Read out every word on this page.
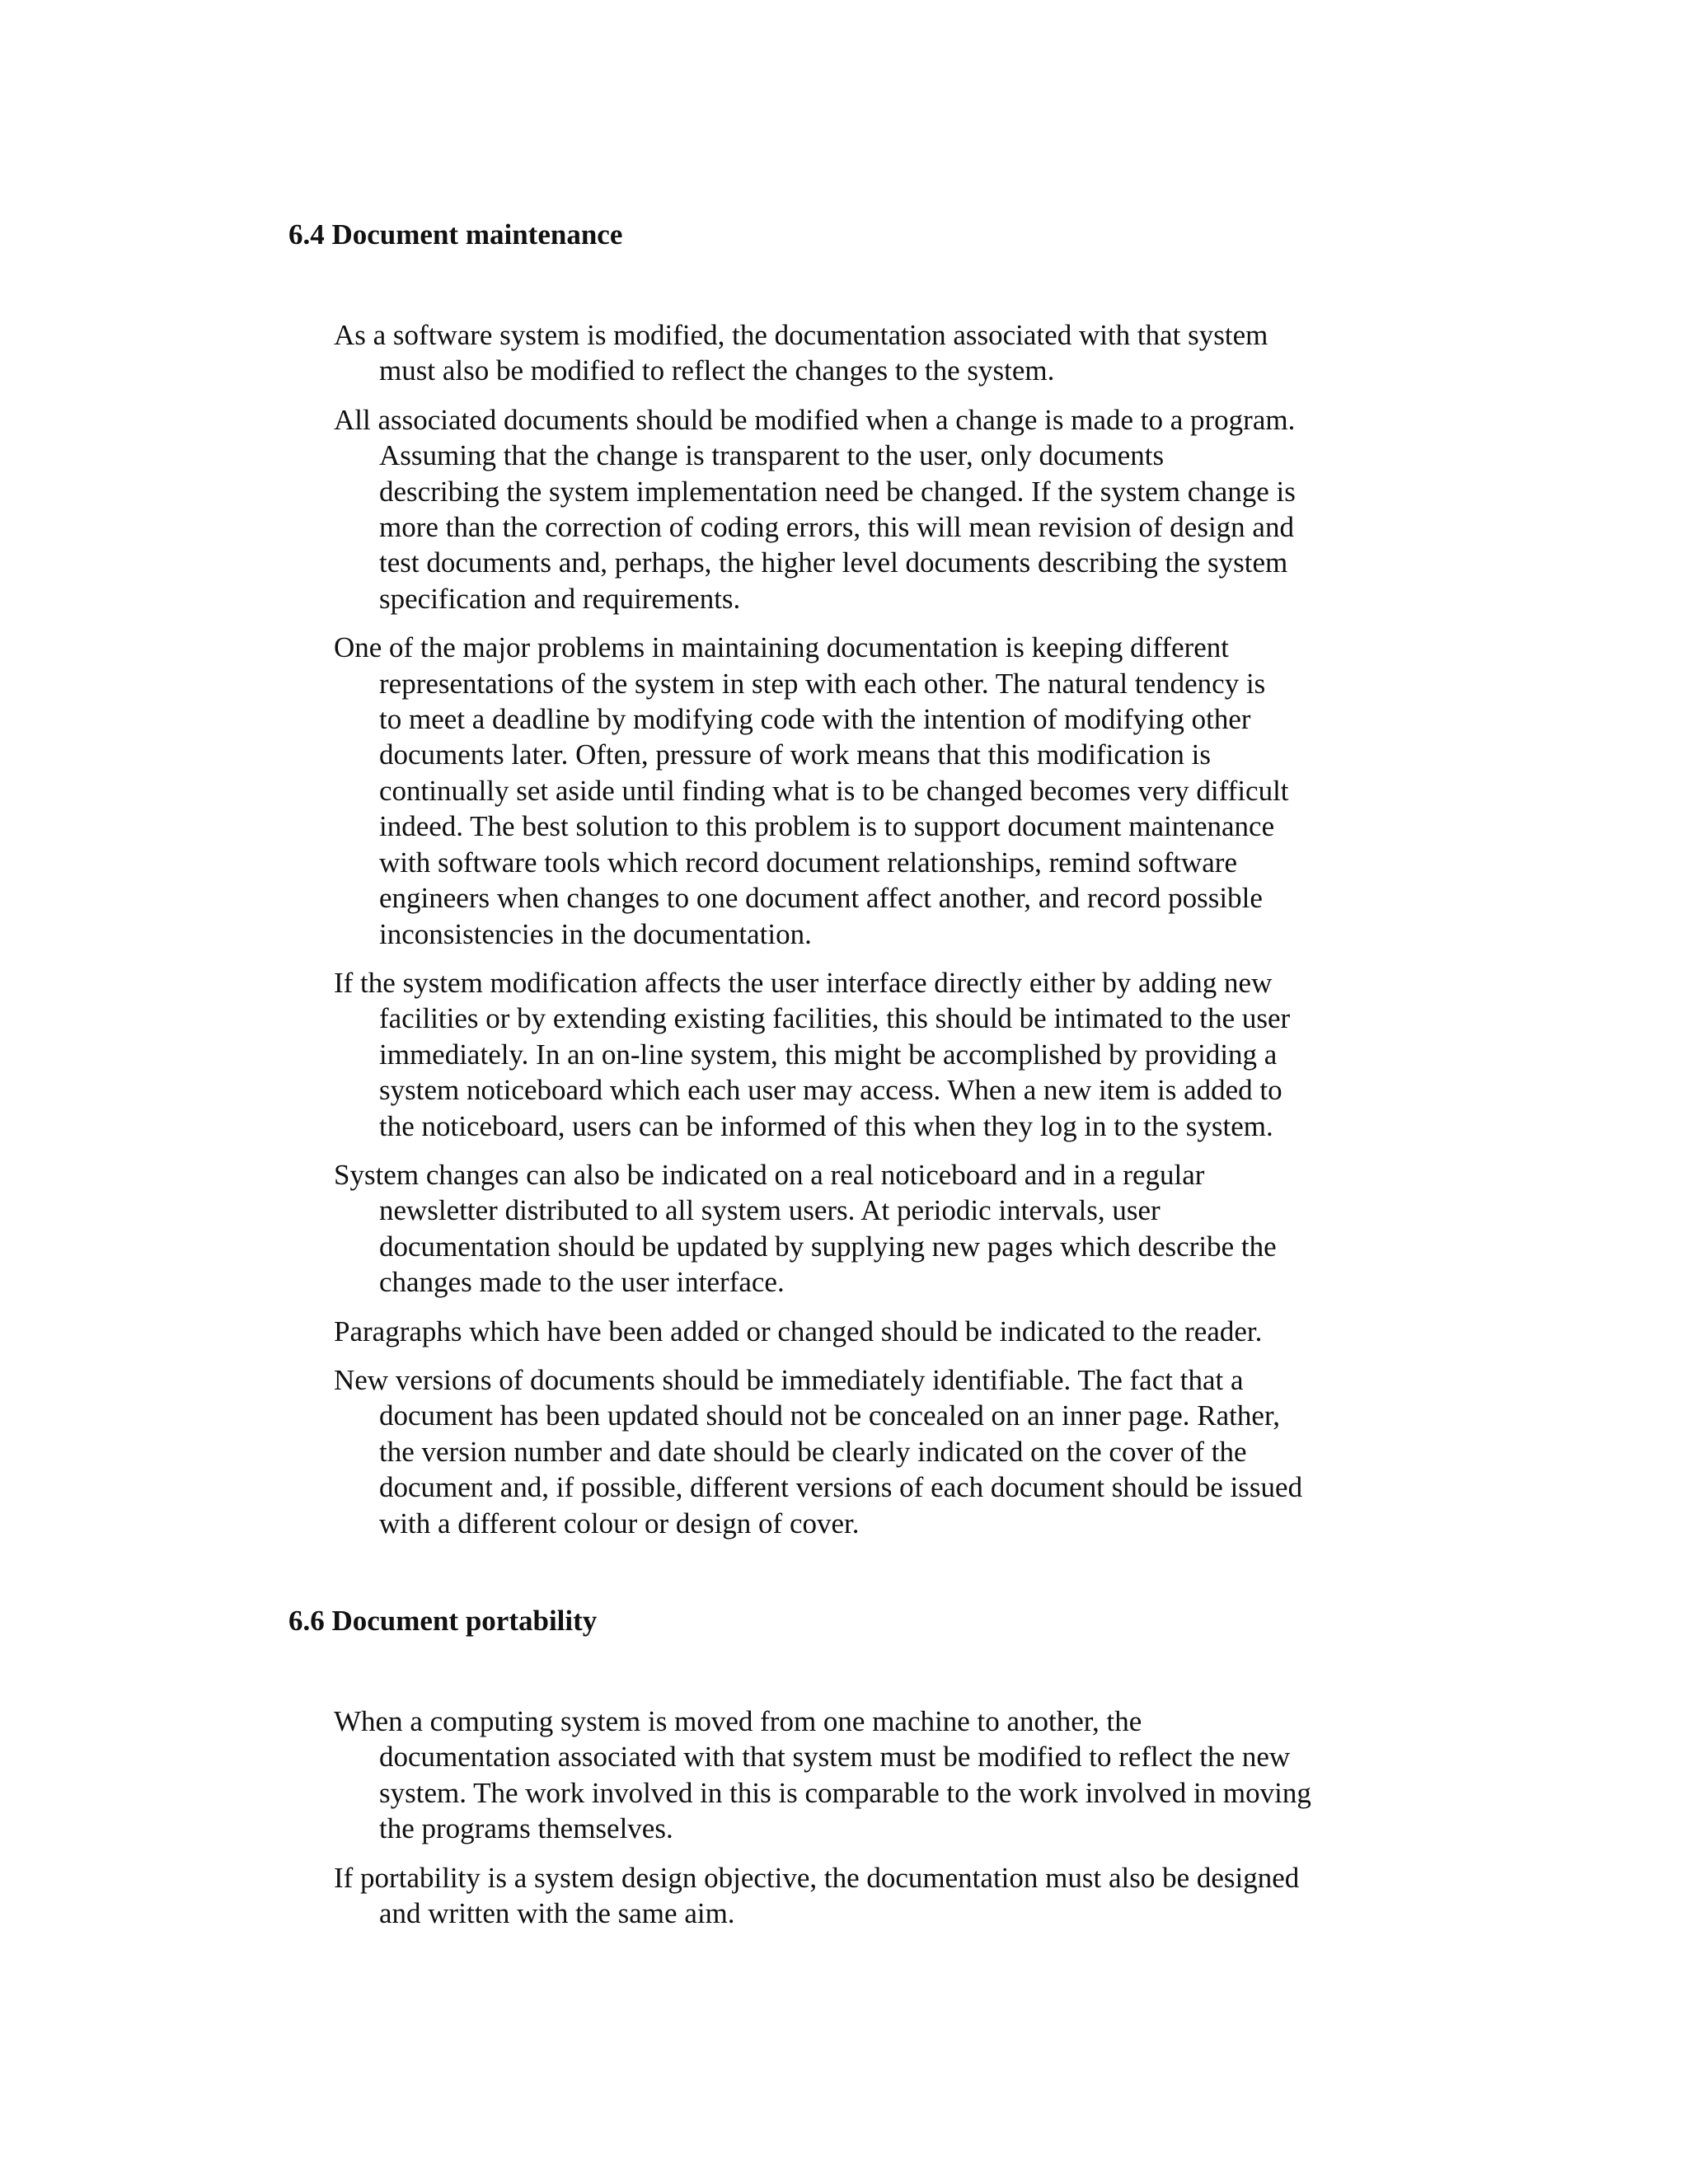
6.4 Document maintenance

As a software system is modified, the documentation associated with that system
must also be modified to reflect the changes to the system.

All associated documents should be modified when a change is made to a program.
Assuming that the change is transparent to the user, only documents
describing the system implementation need be changed. If the system change is
more than the correction of coding errors, this will mean revision of design and
test documents and, perhaps, the higher level documents describing the system
specification and requirements.

One of the major problems in maintaining documentation is keeping different
representations of the system in step with each other. The natural tendency is
to meet a deadline by modifying code with the intention of modifying other
documents later. Often, pressure of work means that this modification is
continually set aside until finding what is to be changed becomes very difficult
indeed. The best solution to this problem is to support document maintenance
with software tools which record document relationships, remind software
engineers when changes to one document affect another, and record possible
inconsistencies in the documentation.

If the system modification affects the user interface directly either by adding new
facilities or by extending existing facilities, this should be intimated to the user
immediately. In an on-line system, this might be accomplished by providing a
system noticeboard which each user may access. When a new item is added to
the noticeboard, users can be informed of this when they log in to the system.

System changes can also be indicated on a real noticeboard and in a regular
newsletter distributed to all system users. At periodic intervals, user
documentation should be updated by supplying new pages which describe the
changes made to the user interface.

Paragraphs which have been added or changed should be indicated to the reader.

New versions of documents should be immediately identifiable. The fact that a
document has been updated should not be concealed on an inner page. Rather,
the version number and date should be clearly indicated on the cover of the
document and, if possible, different versions of each document should be issued
with a different colour or design of cover.

6.6 Document portability

When a computing system is moved from one machine to another, the
documentation associated with that system must be modified to reflect the new
system. The work involved in this is comparable to the work involved in moving
the programs themselves.

If portability is a system design objective, the documentation must also be designed
and written with the same aim.
